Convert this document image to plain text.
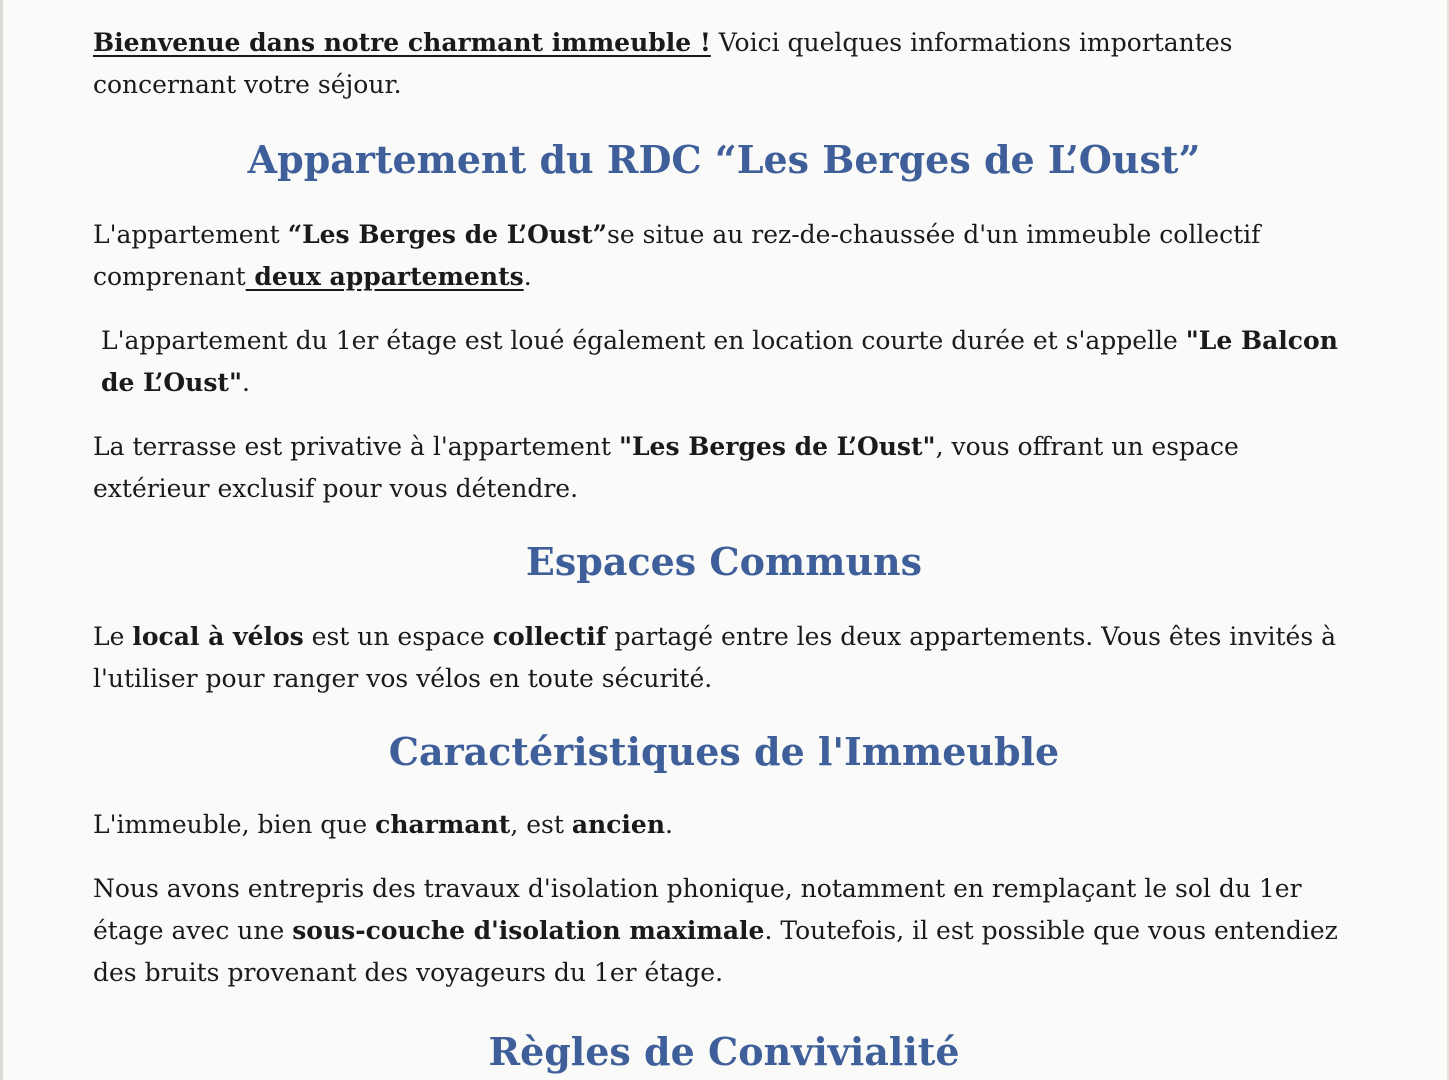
Bienvenue dans notre charmant immeuble ! Voici quelques informations importantes concernant votre séjour.

Appartement du RDC “Les Berges de L’Oust”

L'appartement “Les Berges de L’Oust”se situe au rez-de-chaussée d'un immeuble collectif comprenant deux appartements.

L'appartement du 1er étage est loué également en location courte durée et s'appelle "Le Balcon de L’Oust".

La terrasse est privative à l'appartement "Les Berges de L’Oust", vous offrant un espace extérieur exclusif pour vous détendre.

Espaces Communs

Le local à vélos est un espace collectif partagé entre les deux appartements. Vous êtes invités à l'utiliser pour ranger vos vélos en toute sécurité.

Caractéristiques de l'Immeuble

L'immeuble, bien que charmant, est ancien.

Nous avons entrepris des travaux d'isolation phonique, notamment en remplaçant le sol du 1er étage avec une sous-couche d'isolation maximale. Toutefois, il est possible que vous entendiez des bruits provenant des voyageurs du 1er étage.

Règles de Convivialité
